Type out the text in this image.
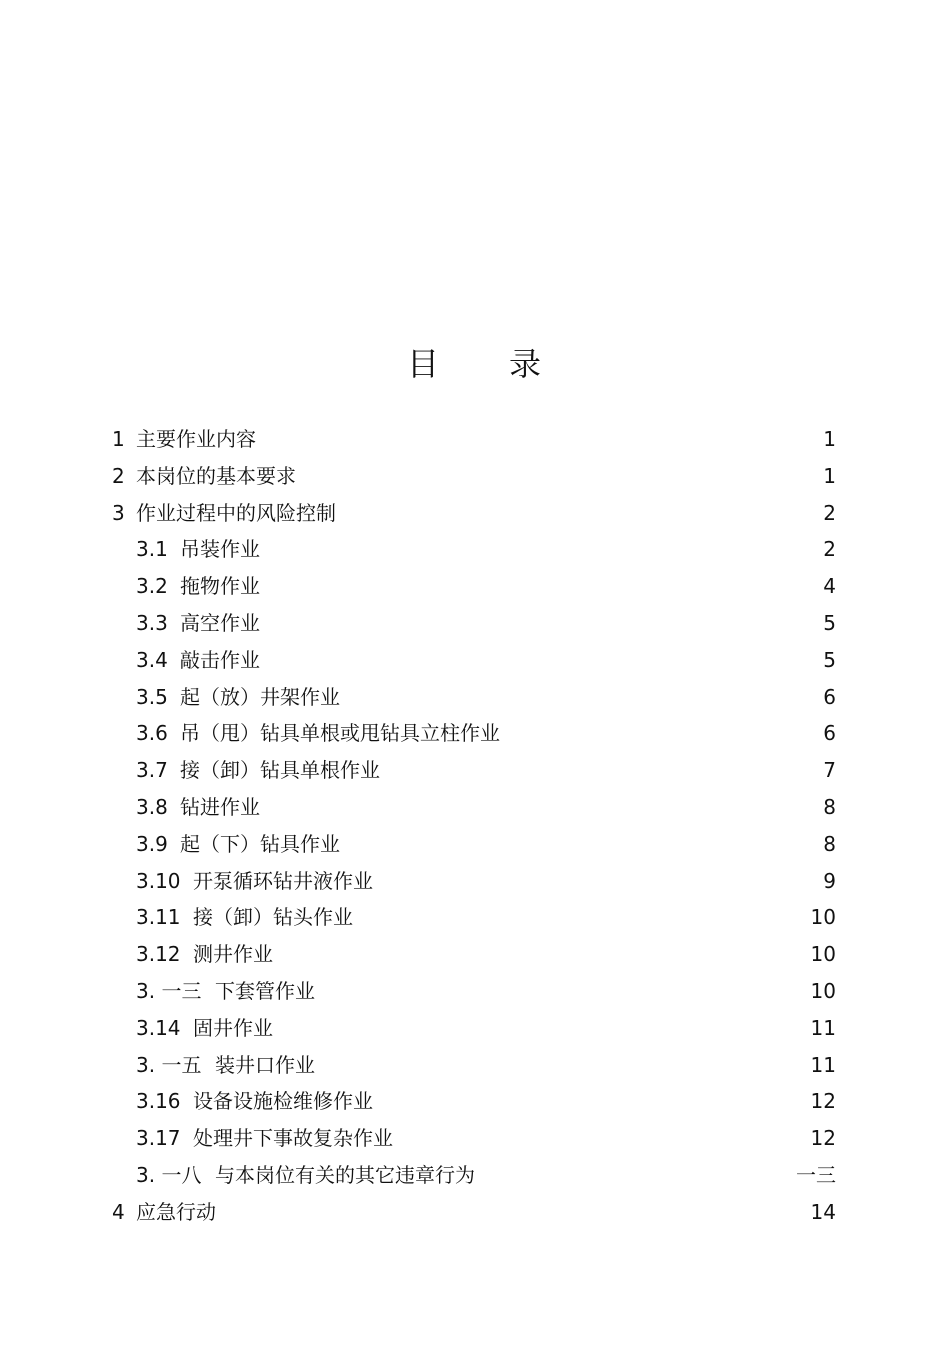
目 录
1 主要作业内容	1
2 本岗位的基本要求	1
3 作业过程中的风险控制	2
3.1 吊装作业	2
3.2 拖物作业	4
3.3 高空作业	5
3.4 敲击作业	5
3.5 起（放）井架作业	6
3.6 吊（甩）钻具单根或甩钻具立柱作业	6
3.7 接（卸）钻具单根作业	7
3.8 钻进作业	8
3.9 起（下）钻具作业	8
3.10 开泵循环钻井液作业	9
3.11 接（卸）钻头作业	10
3.12 测井作业	10
3. 一三 下套管作业	10
3.14 固井作业	11
3. 一五 装井口作业	11
3.16 设备设施检维修作业	12
3.17 处理井下事故复杂作业	12
3. 一八 与本岗位有关的其它违章行为	一三
4 应急行动	14
